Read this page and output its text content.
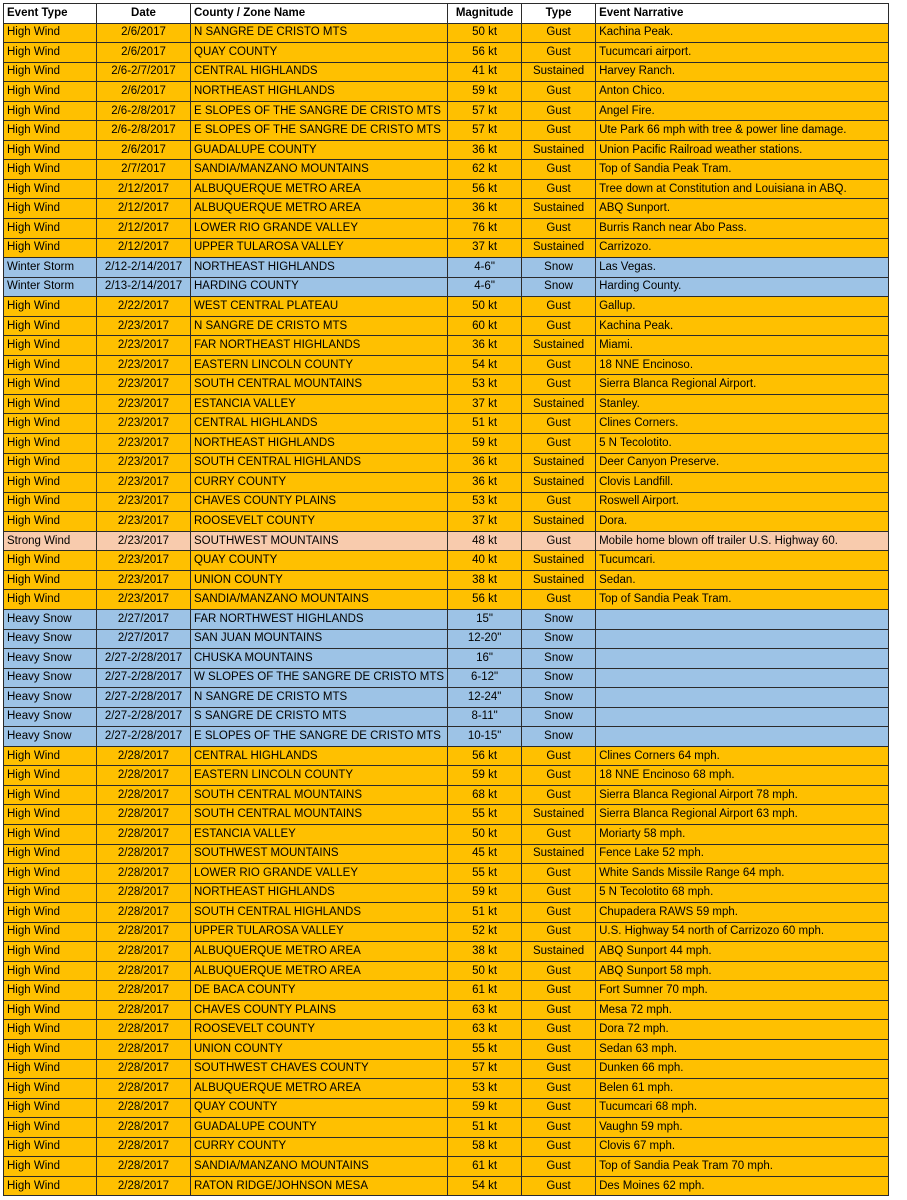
Event Type	Date	County / Zone Name	Magnitude	Type	Event Narrative
High Wind	2/6/2017	N SANGRE DE CRISTO MTS	50 kt	Gust	Kachina Peak.
High Wind	2/6/2017	QUAY COUNTY	56 kt	Gust	Tucumcari airport.
High Wind	2/6-2/7/2017	CENTRAL HIGHLANDS	41 kt	Sustained	Harvey Ranch.
High Wind	2/6/2017	NORTHEAST HIGHLANDS	59 kt	Gust	Anton Chico.
High Wind	2/6-2/8/2017	E SLOPES OF THE SANGRE DE CRISTO MTS	57 kt	Gust	Angel Fire.
High Wind	2/6-2/8/2017	E SLOPES OF THE SANGRE DE CRISTO MTS	57 kt	Gust	Ute Park 66 mph with tree & power line damage.
High Wind	2/6/2017	GUADALUPE COUNTY	36 kt	Sustained	Union Pacific Railroad weather stations.
High Wind	2/7/2017	SANDIA/MANZANO MOUNTAINS	62 kt	Gust	Top of Sandia Peak Tram.
High Wind	2/12/2017	ALBUQUERQUE METRO AREA	56 kt	Gust	Tree down at Constitution and Louisiana in ABQ.
High Wind	2/12/2017	ALBUQUERQUE METRO AREA	36 kt	Sustained	ABQ Sunport.
High Wind	2/12/2017	LOWER RIO GRANDE VALLEY	76 kt	Gust	Burris Ranch near Abo Pass.
High Wind	2/12/2017	UPPER TULAROSA VALLEY	37 kt	Sustained	Carrizozo.
Winter Storm	2/12-2/14/2017	NORTHEAST HIGHLANDS	4-6"	Snow	Las Vegas.
Winter Storm	2/13-2/14/2017	HARDING COUNTY	4-6"	Snow	Harding County.
High Wind	2/22/2017	WEST CENTRAL PLATEAU	50 kt	Gust	Gallup.
High Wind	2/23/2017	N SANGRE DE CRISTO MTS	60 kt	Gust	Kachina Peak.
High Wind	2/23/2017	FAR NORTHEAST HIGHLANDS	36 kt	Sustained	Miami.
High Wind	2/23/2017	EASTERN LINCOLN COUNTY	54 kt	Gust	18 NNE Encinoso.
High Wind	2/23/2017	SOUTH CENTRAL MOUNTAINS	53 kt	Gust	Sierra Blanca Regional Airport.
High Wind	2/23/2017	ESTANCIA VALLEY	37 kt	Sustained	Stanley.
High Wind	2/23/2017	CENTRAL HIGHLANDS	51 kt	Gust	Clines Corners.
High Wind	2/23/2017	NORTHEAST HIGHLANDS	59 kt	Gust	5 N Tecolotito.
High Wind	2/23/2017	SOUTH CENTRAL HIGHLANDS	36 kt	Sustained	Deer Canyon Preserve.
High Wind	2/23/2017	CURRY COUNTY	36 kt	Sustained	Clovis Landfill.
High Wind	2/23/2017	CHAVES COUNTY PLAINS	53 kt	Gust	Roswell Airport.
High Wind	2/23/2017	ROOSEVELT COUNTY	37 kt	Sustained	Dora.
Strong Wind	2/23/2017	SOUTHWEST MOUNTAINS	48 kt	Gust	Mobile home blown off trailer U.S. Highway 60.
High Wind	2/23/2017	QUAY COUNTY	40 kt	Sustained	Tucumcari.
High Wind	2/23/2017	UNION COUNTY	38 kt	Sustained	Sedan.
High Wind	2/23/2017	SANDIA/MANZANO MOUNTAINS	56 kt	Gust	Top of Sandia Peak Tram.
Heavy Snow	2/27/2017	FAR NORTHWEST HIGHLANDS	15"	Snow	
Heavy Snow	2/27/2017	SAN JUAN MOUNTAINS	12-20"	Snow	
Heavy Snow	2/27-2/28/2017	CHUSKA MOUNTAINS	16"	Snow	
Heavy Snow	2/27-2/28/2017	W SLOPES OF THE SANGRE DE CRISTO MTS	6-12"	Snow	
Heavy Snow	2/27-2/28/2017	N SANGRE DE CRISTO MTS	12-24"	Snow	
Heavy Snow	2/27-2/28/2017	S SANGRE DE CRISTO MTS	8-11"	Snow	
Heavy Snow	2/27-2/28/2017	E SLOPES OF THE SANGRE DE CRISTO MTS	10-15"	Snow	
High Wind	2/28/2017	CENTRAL HIGHLANDS	56 kt	Gust	Clines Corners 64 mph.
High Wind	2/28/2017	EASTERN LINCOLN COUNTY	59 kt	Gust	18 NNE Encinoso 68 mph.
High Wind	2/28/2017	SOUTH CENTRAL MOUNTAINS	68 kt	Gust	Sierra Blanca Regional Airport 78 mph.
High Wind	2/28/2017	SOUTH CENTRAL MOUNTAINS	55 kt	Sustained	Sierra Blanca Regional Airport 63 mph.
High Wind	2/28/2017	ESTANCIA VALLEY	50 kt	Gust	Moriarty 58 mph.
High Wind	2/28/2017	SOUTHWEST MOUNTAINS	45 kt	Sustained	Fence Lake 52 mph.
High Wind	2/28/2017	LOWER RIO GRANDE VALLEY	55 kt	Gust	White Sands Missile Range 64 mph.
High Wind	2/28/2017	NORTHEAST HIGHLANDS	59 kt	Gust	5 N Tecolotito 68 mph.
High Wind	2/28/2017	SOUTH CENTRAL HIGHLANDS	51 kt	Gust	Chupadera RAWS 59 mph.
High Wind	2/28/2017	UPPER TULAROSA VALLEY	52 kt	Gust	U.S. Highway 54 north of Carrizozo 60 mph.
High Wind	2/28/2017	ALBUQUERQUE METRO AREA	38 kt	Sustained	ABQ Sunport 44 mph.
High Wind	2/28/2017	ALBUQUERQUE METRO AREA	50 kt	Gust	ABQ Sunport 58 mph.
High Wind	2/28/2017	DE BACA COUNTY	61 kt	Gust	Fort Sumner 70 mph.
High Wind	2/28/2017	CHAVES COUNTY PLAINS	63 kt	Gust	Mesa 72 mph.
High Wind	2/28/2017	ROOSEVELT COUNTY	63 kt	Gust	Dora 72 mph.
High Wind	2/28/2017	UNION COUNTY	55 kt	Gust	Sedan 63 mph.
High Wind	2/28/2017	SOUTHWEST CHAVES COUNTY	57 kt	Gust	Dunken 66 mph.
High Wind	2/28/2017	ALBUQUERQUE METRO AREA	53 kt	Gust	Belen 61 mph.
High Wind	2/28/2017	QUAY COUNTY	59 kt	Gust	Tucumcari 68 mph.
High Wind	2/28/2017	GUADALUPE COUNTY	51 kt	Gust	Vaughn 59 mph.
High Wind	2/28/2017	CURRY COUNTY	58 kt	Gust	Clovis 67 mph.
High Wind	2/28/2017	SANDIA/MANZANO MOUNTAINS	61 kt	Gust	Top of Sandia Peak Tram 70 mph.
High Wind	2/28/2017	RATON RIDGE/JOHNSON MESA	54 kt	Gust	Des Moines 62 mph.
